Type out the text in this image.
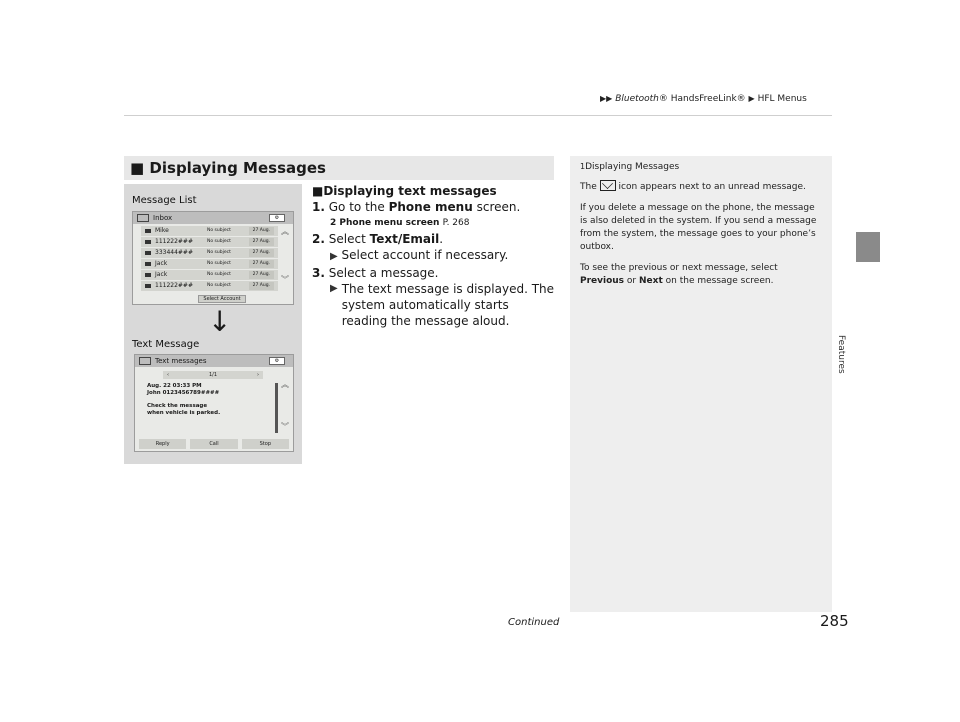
▶▶ Bluetooth® HandsFreeLink® ▶ HFL Menus
Features
■ Displaying Messages
Message List
Inbox	⚙
Mike	No subject	27 Aug.
111222###	No subject	27 Aug.
333444###	No subject	27 Aug.
Jack	No subject	27 Aug.
Jack	No subject	27 Aug.
111222###	No subject	27 Aug.
︽
︾
Select Account
↓
Text Message
Text messages	⚙
‹	1/1	›
Aug. 22 03:33 PM
John 0123456789####
Check the message
when vehicle is parked.
︽
︾
Reply	Call	Stop
■Displaying text messages
1. Go to the Phone menu screen.
2 Phone menu screen P. 268
2. Select Text/Email.
▶ Select account if necessary.
3. Select a message.
▶ The text message is displayed. The system automatically starts reading the message aloud.
1Displaying Messages

The icon appears next to an unread message.

If you delete a message on the phone, the message is also deleted in the system. If you send a message from the system, the message goes to your phone’s outbox.

To see the previous or next message, select Previous or Next on the message screen.

Continued	285
